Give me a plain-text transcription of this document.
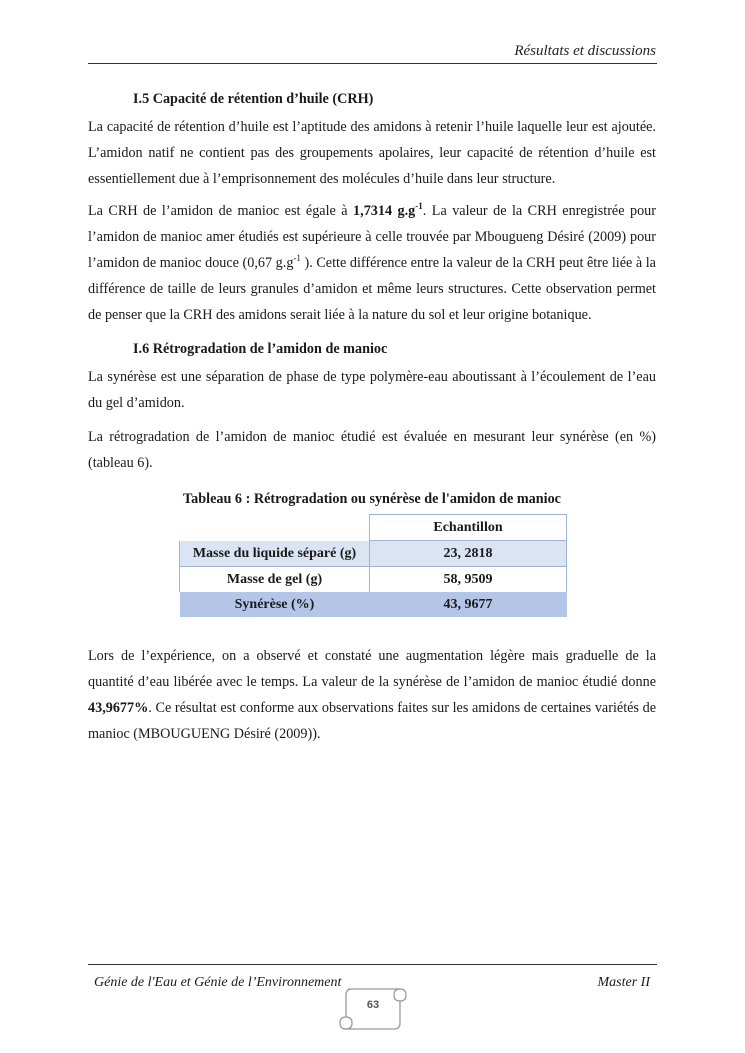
Résultats et discussions
I.5 Capacité de rétention d’huile (CRH)

La capacité de rétention d’huile est l’aptitude des amidons à retenir l’huile laquelle leur est ajoutée. L’amidon natif ne contient pas des groupements apolaires, leur capacité de rétention d’huile est essentiellement due à l’emprisonnement des molécules d’huile dans leur structure.

La CRH de l’amidon de manioc est égale à 1,7314 $g.g^{-1}$. La valeur de la CRH enregistrée pour l’amidon de manioc amer étudiés est supérieure à celle trouvée par Mbougueng Désiré (2009) pour l’amidon de manioc douce (0,67 $g.g^{-1}$ ). Cette différence entre la valeur de la CRH peut être liée à la différence de taille de leurs granules d’amidon et même leurs structures. Cette observation permet de penser que la CRH des amidons serait liée à la nature du sol et leur origine botanique.

I.6 Rétrogradation de l’amidon de manioc

La synérèse est une séparation de phase de type polymère-eau aboutissant à l’écoulement de l’eau du gel d’amidon.

La rétrogradation de l’amidon de manioc étudié est évaluée en mesurant leur synérèse (en %) (tableau 6).

Tableau 6 : Rétrogradation ou synérèse de l'amidon de manioc
	Echantillon
Masse du liquide séparé (g)	23, 2818
Masse de gel (g)	58, 9509
Synérèse (%)	43, 9677

Lors de l’expérience, on a observé et constaté une augmentation légère mais graduelle de la quantité d’eau libérée avec le temps. La valeur de la synérèse de l’amidon de manioc étudié donne 43,9677%. Ce résultat est conforme aux observations faites sur les amidons de certaines variétés de manioc (MBOUGUENG Désiré (2009)).

Génie de l'Eau et Génie de l’Environnement	Master II
63
